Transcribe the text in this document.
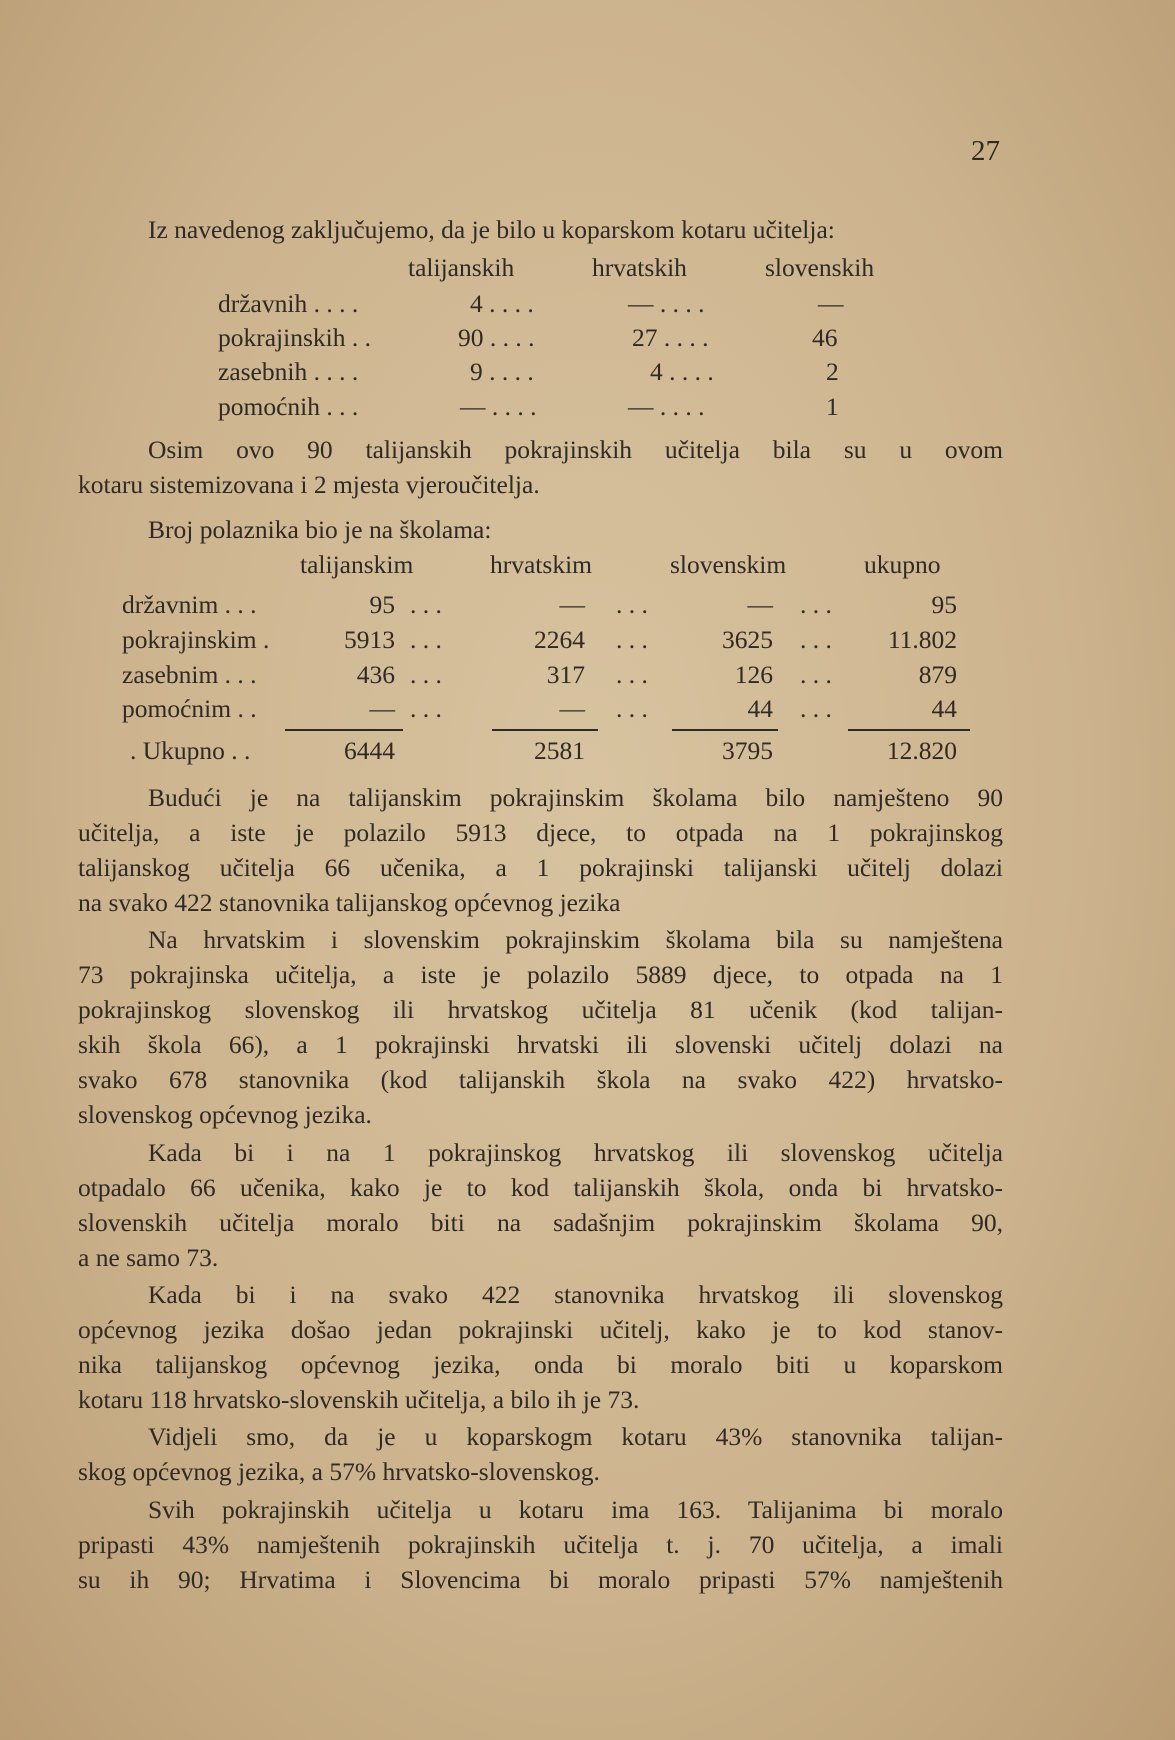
27
Iz navedenog zaključujemo, da je bilo u koparskom kotaru učitelja:
talijanskih	hrvatskih	slovenskih
državnih . . . .	4 . . . .	— . . . .	—
pokrajinskih . .	90 . . . .	27 . . . .	46
zasebnih . . . .	9 . . . .	4 . . . .	2
pomoćnih . . .	— . . . .	— . . . .	1
Osim ovo 90 talijanskih pokrajinskih učitelja bila su u ovom
kotaru sistemizovana i 2 mjesta vjeroučitelja.
Broj polaznika bio je na školama:
talijanskim	hrvatskim	slovenskim	ukupno
državnim . . .	95 . . .	— . . .	— . . .	95
pokrajinskim .	5913 . . .	2264 . . .	3625 . . . 11.802
zasebnim . . .	436 . . .	317 . . .	126 . . .	879
pomoćnim . .	— . . .	— . . .	44 . . .	44
. Ukupno . .	6444	2581	3795	12.820
Budući je na talijanskim pokrajinskim školama bilo namješteno 90
učitelja, a iste je polazilo 5913 djece, to otpada na 1 pokrajinskog
talijanskog učitelja 66 učenika, a 1 pokrajinski talijanski učitelj dolazi
na svako 422 stanovnika talijanskog općevnog jezika
Na hrvatskim i slovenskim pokrajinskim školama bila su namještena
73 pokrajinska učitelja, a iste je polazilo 5889 djece, to otpada na 1
pokrajinskog slovenskog ili hrvatskog učitelja 81 učenik (kod talijan-
skih škola 66), a 1 pokrajinski hrvatski ili slovenski učitelj dolazi na
svako 678 stanovnika (kod talijanskih škola na svako 422) hrvatsko-
slovenskog općevnog jezika.
Kada bi i na 1 pokrajinskog hrvatskog ili slovenskog učitelja
otpadalo 66 učenika, kako je to kod talijanskih škola, onda bi hrvatsko-
slovenskih učitelja moralo biti na sadašnjim pokrajinskim školama 90,
a ne samo 73.
Kada bi i na svako 422 stanovnika hrvatskog ili slovenskog
općevnog jezika došao jedan pokrajinski učitelj, kako je to kod stanov-
nika talijanskog općevnog jezika, onda bi moralo biti u koparskom
kotaru 118 hrvatsko-slovenskih učitelja, a bilo ih je 73.
Vidjeli smo, da je u koparskogm kotaru 43% stanovnika talijan-
skog općevnog jezika, a 57% hrvatsko-slovenskog.
Svih pokrajinskih učitelja u kotaru ima 163. Talijanima bi moralo
pripasti 43% namještenih pokrajinskih učitelja t. j. 70 učitelja, a imali
su ih 90; Hrvatima i Slovencima bi moralo pripasti 57% namještenih
